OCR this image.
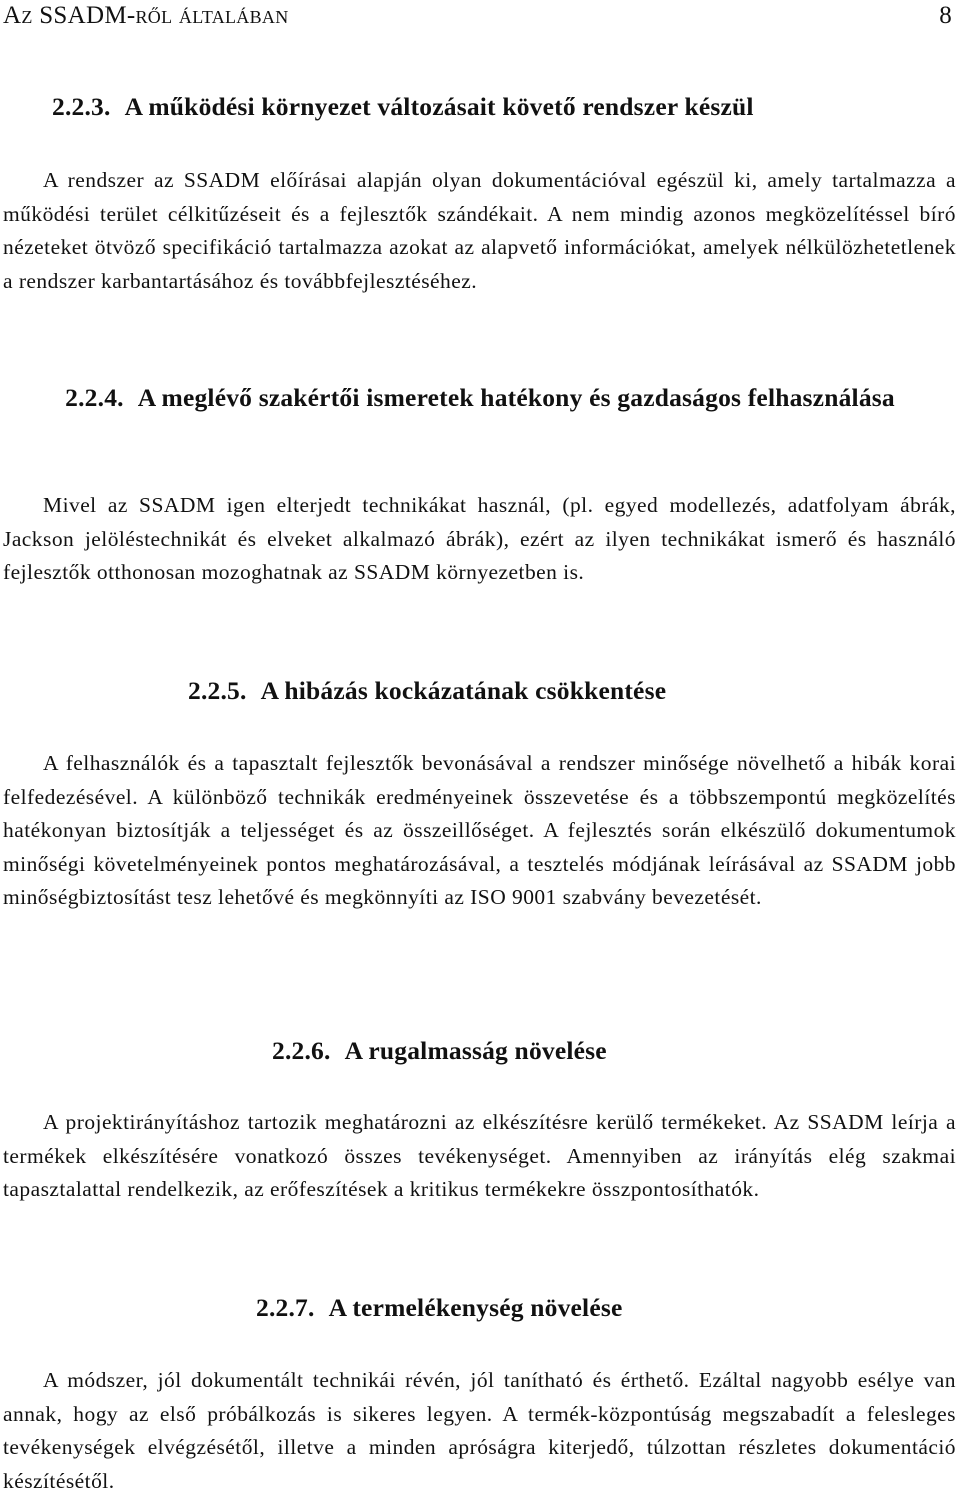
Az SSADM-ről általában	8
2.2.3. A működési környezet változásait követő rendszer készül

A rendszer az SSADM előírásai alapján olyan dokumentációval egészül ki, amely tartalmazza a működési terület célkitűzéseit és a fejlesztők szándékait. A nem mindig azonos megközelítéssel bíró nézeteket ötvöző specifikáció tartalmazza azokat az alapvető információkat, amelyek nélkülözhetetlenek a rendszer karbantartásához és továbbfejlesztéséhez.

2.2.4. A meglévő szakértői ismeretek hatékony és gazdaságos felhasználása

Mivel az SSADM igen elterjedt technikákat használ, (pl. egyed modellezés, adatfolyam ábrák, Jackson jelöléstechnikát és elveket alkalmazó ábrák), ezért az ilyen technikákat ismerő és használó fejlesztők otthonosan mozoghatnak az SSADM környezetben is.

2.2.5. A hibázás kockázatának csökkentése

A felhasználók és a tapasztalt fejlesztők bevonásával a rendszer minősége növelhető a hibák korai felfedezésével. A különböző technikák eredményeinek összevetése és a többszempontú megközelítés hatékonyan biztosítják a teljességet és az összeillőséget. A fejlesztés során elkészülő dokumentumok minőségi követelményeinek pontos meghatározásával, a tesztelés módjának leírásával az SSADM jobb minőségbiztosítást tesz lehetővé és megkönnyíti az ISO 9001 szabvány bevezetését.

2.2.6. A rugalmasság növelése

A projektirányításhoz tartozik meghatározni az elkészítésre kerülő termékeket. Az SSADM leírja a termékek elkészítésére vonatkozó összes tevékenységet. Amennyiben az irányítás elég szakmai tapasztalattal rendelkezik, az erőfeszítések a kritikus termékekre összpontosíthatók.

2.2.7. A termelékenység növelése

A módszer, jól dokumentált technikái révén, jól tanítható és érthető. Ezáltal nagyobb esélye van annak, hogy az első próbálkozás is sikeres legyen. A termék-központúság megszabadít a felesleges tevékenységek elvégzésétől, illetve a minden apróságra kiterjedő, túlzottan részletes dokumentáció készítésétől.
